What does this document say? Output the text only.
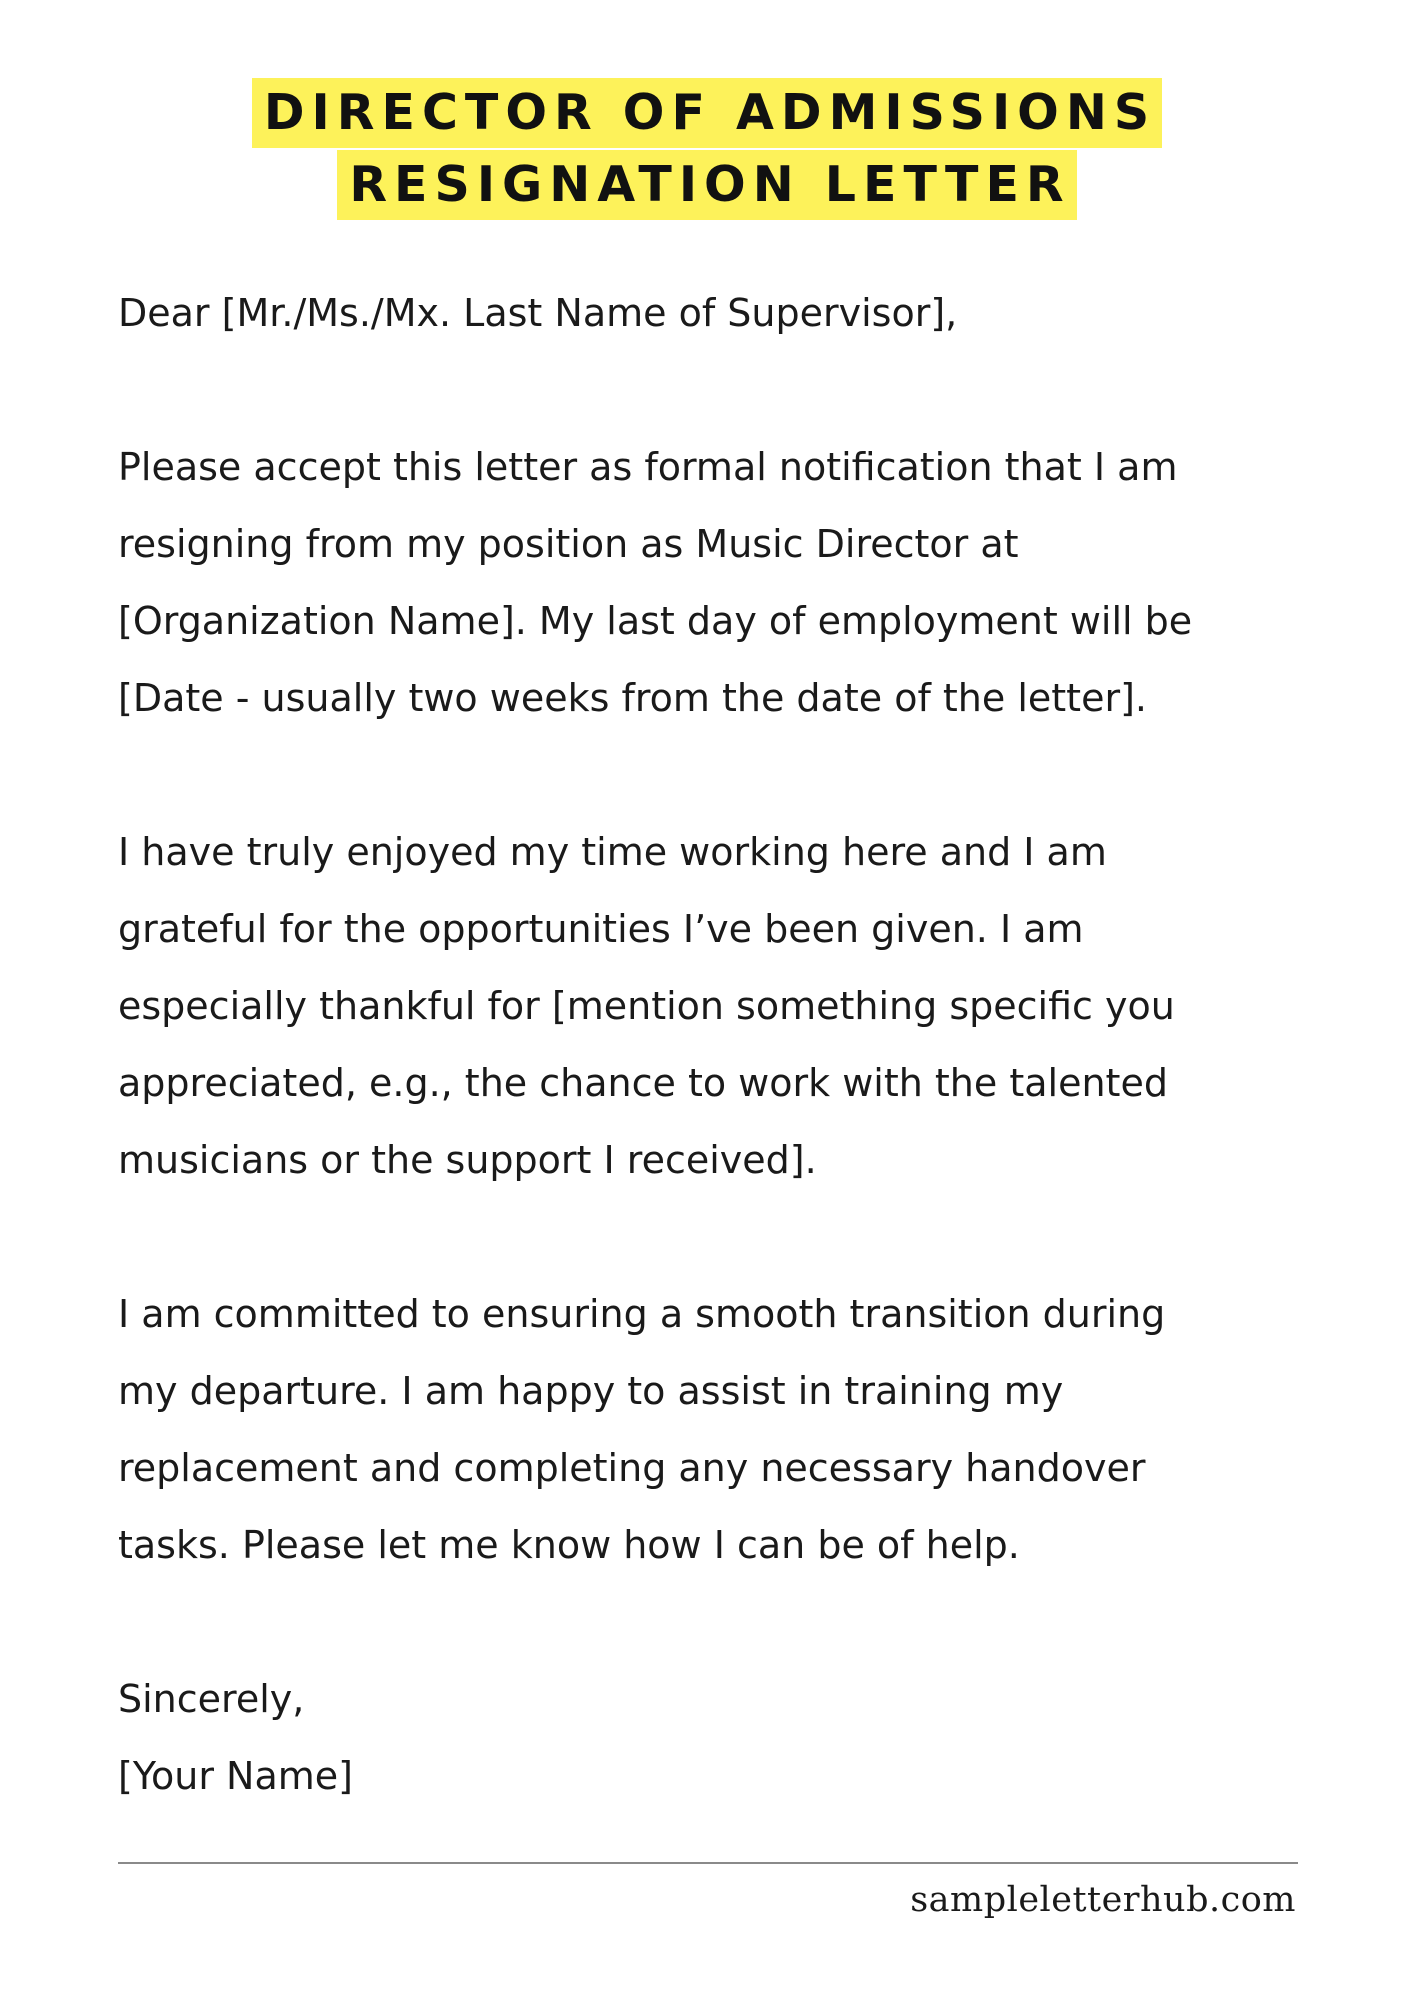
DIRECTOR OF ADMISSIONS
RESIGNATION LETTER

Dear [Mr./Ms./Mx. Last Name of Supervisor],

Please accept this letter as formal notification that I am
resigning from my position as Music Director at
[Organization Name]. My last day of employment will be
[Date - usually two weeks from the date of the letter].

I have truly enjoyed my time working here and I am
grateful for the opportunities I’ve been given. I am
especially thankful for [mention something specific you
appreciated, e.g., the chance to work with the talented
musicians or the support I received].

I am committed to ensuring a smooth transition during
my departure. I am happy to assist in training my
replacement and completing any necessary handover
tasks. Please let me know how I can be of help.

Sincerely,
[Your Name]
sampleletterhub.com
